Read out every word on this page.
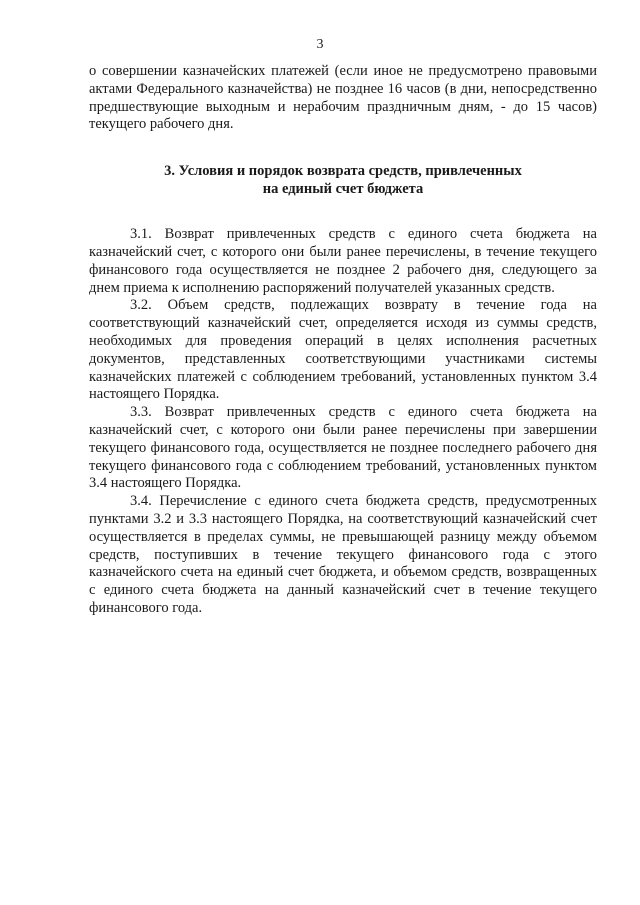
3

о совершении казначейских платежей (если иное не предусмотрено правовыми актами Федерального казначейства) не позднее 16 часов (в дни, непосредственно предшествующие выходным и нерабочим праздничным дням, - до 15 часов) текущего рабочего дня.

3. Условия и порядок возврата средств, привлеченных
на единый счет бюджета

3.1. Возврат привлеченных средств с единого счета бюджета на казначейский счет, с которого они были ранее перечислены, в течение текущего финансового года осуществляется не позднее 2 рабочего дня, следующего за днем приема к исполнению распоряжений получателей указанных средств.

3.2. Объем средств, подлежащих возврату в течение года на соответствующий казначейский счет, определяется исходя из суммы средств, необходимых для проведения операций в целях исполнения расчетных документов, представленных соответствующими участниками системы казначейских платежей с соблюдением требований, установленных пунктом 3.4 настоящего Порядка.

3.3. Возврат привлеченных средств с единого счета бюджета на казначейский счет, с которого они были ранее перечислены при завершении текущего финансового года, осуществляется не позднее последнего рабочего дня текущего финансового года с соблюдением требований, установленных пунктом 3.4 настоящего Порядка.

3.4. Перечисление с единого счета бюджета средств, предусмотренных пунктами 3.2 и 3.3 настоящего Порядка, на соответствующий казначейский счет осуществляется в пределах суммы, не превышающей разницу между объемом средств, поступивших в течение текущего финансового года с этого казначейского счета на единый счет бюджета, и объемом средств, возвращенных с единого счета бюджета на данный казначейский счет в течение текущего финансового года.
